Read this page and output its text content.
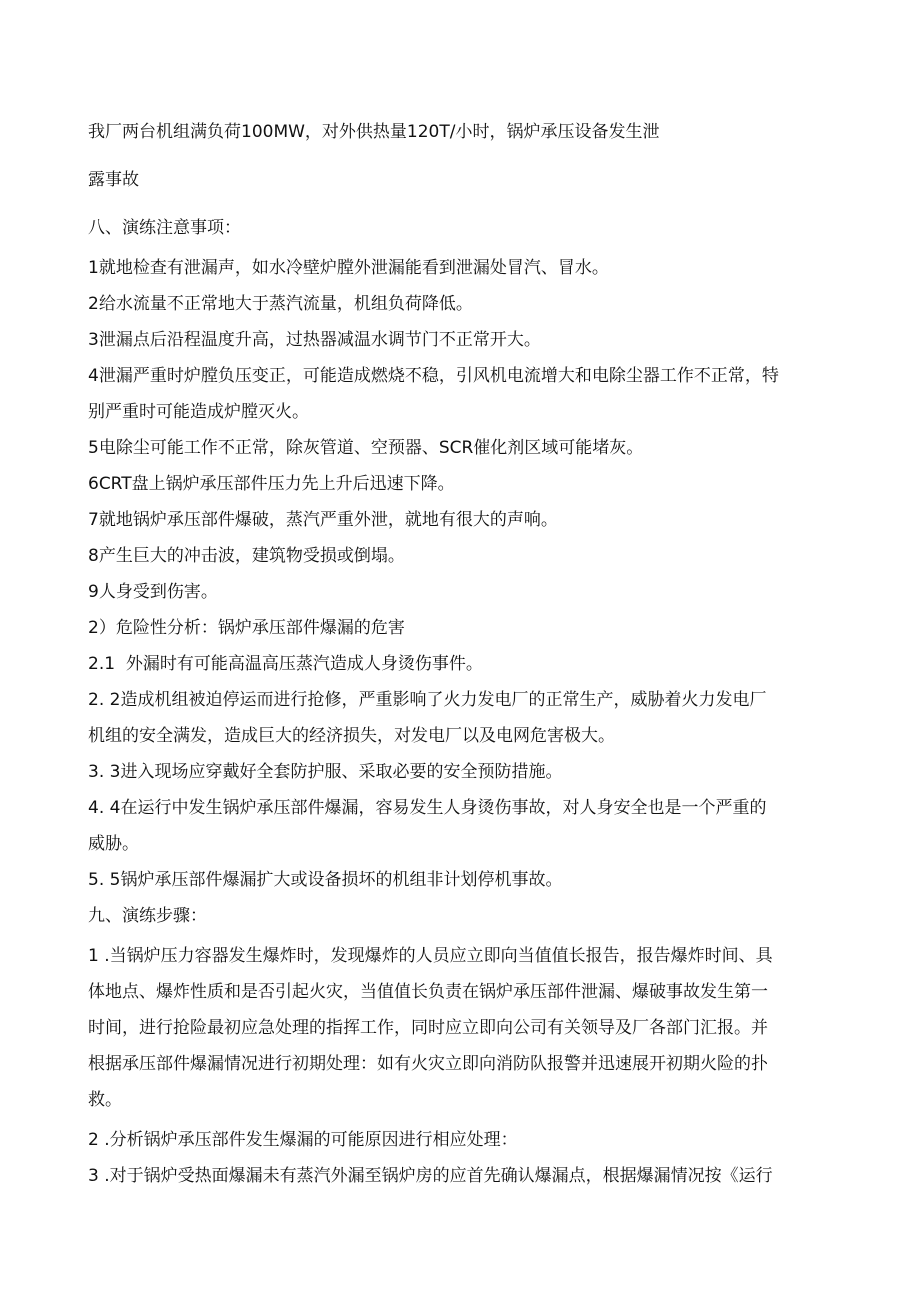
我厂两台机组满负荷100MW，对外供热量120T/小时，锅炉承压设备发生泄

露事故

八、演练注意事项：

1就地检查有泄漏声，如水冷壁炉膛外泄漏能看到泄漏处冒汽、冒水。

2给水流量不正常地大于蒸汽流量，机组负荷降低。

3泄漏点后沿程温度升高，过热器减温水调节门不正常开大。

4泄漏严重时炉膛负压变正，可能造成燃烧不稳，引风机电流增大和电除尘器工作不正常，特

别严重时可能造成炉膛灭火。

5电除尘可能工作不正常，除灰管道、空预器、SCR催化剂区域可能堵灰。

6CRT盘上锅炉承压部件压力先上升后迅速下降。

7就地锅炉承压部件爆破，蒸汽严重外泄，就地有很大的声响。

8产生巨大的冲击波，建筑物受损或倒塌。

9人身受到伤害。

2）危险性分析：锅炉承压部件爆漏的危害

2.1  外漏时有可能高温高压蒸汽造成人身烫伤事件。

2. 2造成机组被迫停运而进行抢修，严重影响了火力发电厂的正常生产，威胁着火力发电厂

机组的安全满发，造成巨大的经济损失，对发电厂以及电网危害极大。

3. 3进入现场应穿戴好全套防护服、采取必要的安全预防措施。

4. 4在运行中发生锅炉承压部件爆漏，容易发生人身烫伤事故，对人身安全也是一个严重的

威胁。

5. 5锅炉承压部件爆漏扩大或设备损坏的机组非计划停机事故。

九、演练步骤：

1 .当锅炉压力容器发生爆炸时，发现爆炸的人员应立即向当值值长报告，报告爆炸时间、具

体地点、爆炸性质和是否引起火灾，当值值长负责在锅炉承压部件泄漏、爆破事故发生第一

时间，进行抢险最初应急处理的指挥工作，同时应立即向公司有关领导及厂各部门汇报。并

根据承压部件爆漏情况进行初期处理：如有火灾立即向消防队报警并迅速展开初期火险的扑

救。

2 .分析锅炉承压部件发生爆漏的可能原因进行相应处理：

3 .对于锅炉受热面爆漏未有蒸汽外漏至锅炉房的应首先确认爆漏点，根据爆漏情况按《运行
